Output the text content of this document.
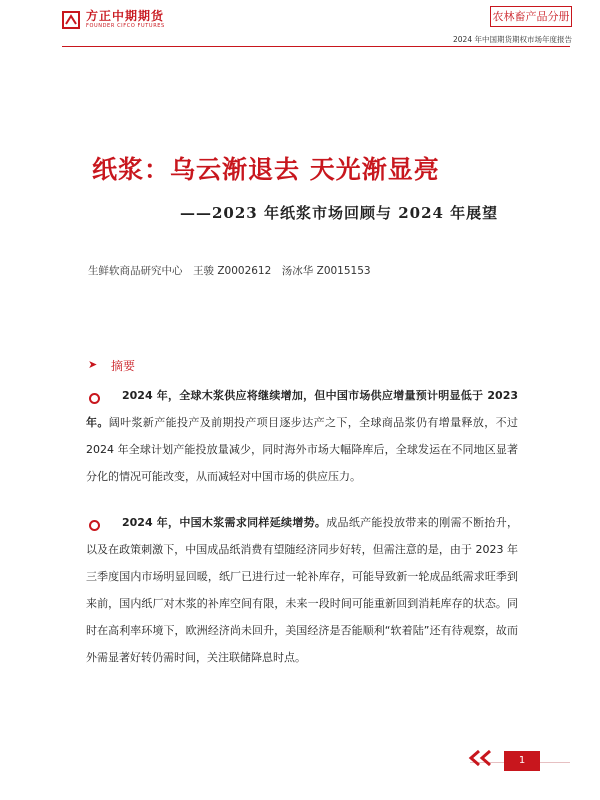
方正中期期货
FOUNDER CIFCO FUTURES
农林畜产品分册
2024 年中国期货期权市场年度报告
纸浆：乌云渐退去 天光渐显亮
——2023 年纸浆市场回顾与 2024 年展望
生鲜软商品研究中心　王骏 Z0002612　汤冰华 Z0015153
➤ 摘要
2024 年，全球木浆供应将继续增加，但中国市场供应增量预计明显低于 2023 年。阔叶浆新产能投产及前期投产项目逐步达产之下，全球商品浆仍有增量释放，不过 2024 年全球计划产能投放量减少，同时海外市场大幅降库后，全球发运在不同地区显著分化的情况可能改变，从而减轻对中国市场的供应压力。
2024 年，中国木浆需求同样延续增势。成品纸产能投放带来的刚需不断抬升，以及在政策刺激下，中国成品纸消费有望随经济同步好转，但需注意的是，由于 2023 年三季度国内市场明显回暖，纸厂已进行过一轮补库存，可能导致新一轮成品纸需求旺季到来前，国内纸厂对木浆的补库空间有限，未来一段时间可能重新回到消耗库存的状态。同时在高利率环境下，欧洲经济尚未回升，美国经济是否能顺利“软着陆”还有待观察，故而外需显著好转仍需时间，关注联储降息时点。
1
